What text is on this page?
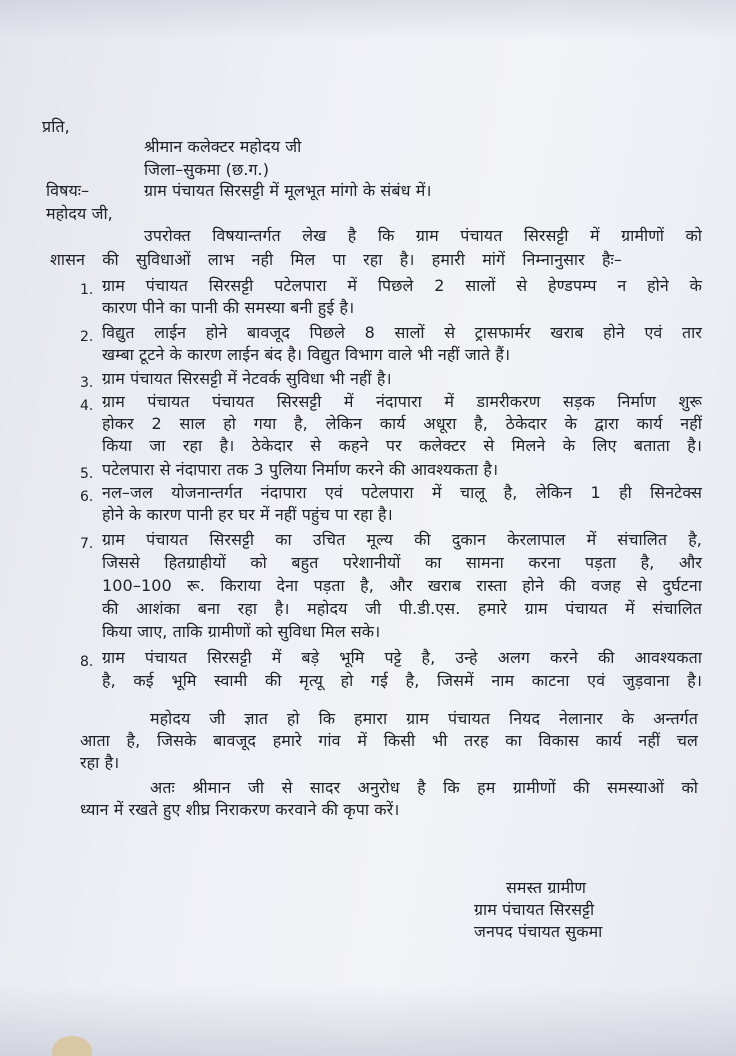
प्रति,
श्रीमान कलेक्टर महोदय जी
जिला–सुकमा (छ.ग.)
विषयः–	ग्राम पंचायत सिरसट्टी में मूलभूत मांगो के संबंध में।
महोदय जी,
उपरोक्त विषयान्तर्गत लेख है कि ग्राम पंचायत सिरसट्टी में ग्रामीणों को
शासन की सुविधाओं लाभ नही मिल पा रहा है। हमारी मांगें निम्नानुसार हैः–
1. ग्राम पंचायत सिरसट्टी पटेलपारा में पिछले 2 सालों से हेण्डपम्प न होने के
कारण पीने का पानी की समस्या बनी हुई है।
2. विद्युत लाईन होने बावजूद पिछले 8 सालों से ट्रासफार्मर खराब होने एवं तार
खम्बा टूटने के कारण लाईन बंद है। विद्युत विभाग वाले भी नहीं जाते हैं।
3. ग्राम पंचायत सिरसट्टी में नेटवर्क सुविधा भी नहीं है।
4. ग्राम पंचायत पंचायत सिरसट्टी में नंदापारा में डामरीकरण सड़क निर्माण शुरू
होकर 2 साल हो गया है, लेकिन कार्य अधूरा है, ठेकेदार के द्वारा कार्य नहीं
किया जा रहा है। ठेकेदार से कहने पर कलेक्टर से मिलने के लिए बताता है।
5. पटेलपारा से नंदापारा तक 3 पुलिया निर्माण करने की आवश्यकता है।
6. नल–जल योजनान्तर्गत नंदापारा एवं पटेलपारा में चालू है, लेकिन 1 ही सिनटेक्स
होने के कारण पानी हर घर में नहीं पहुंच पा रहा है।
7. ग्राम पंचायत सिरसट्टी का उचित मूल्य की दुकान केरलापाल में संचालित है,
जिससे हितग्राहीयों को बहुत परेशानीयों का सामना करना पड़ता है, और
100–100 रू. किराया देना पड़ता है, और खराब रास्ता होने की वजह से दुर्घटना
की आशंका बना रहा है। महोदय जी पी.डी.एस. हमारे ग्राम पंचायत में संचालित
किया जाए, ताकि ग्रामीणों को सुविधा मिल सके।
8. ग्राम पंचायत सिरसट्टी में बड़े भूमि पट्टे है, उन्हे अलग करने की आवश्यकता
है, कई भूमि स्वामी की मृत्यू हो गई है, जिसमें नाम काटना एवं जुड़वाना है।
महोदय जी ज्ञात हो कि हमारा ग्राम पंचायत नियद नेलानार के अन्तर्गत
आता है, जिसके बावजूद हमारे गांव में किसी भी तरह का विकास कार्य नहीं चल
रहा है।
अतः श्रीमान जी से सादर अनुरोध है कि हम ग्रामीणों की समस्याओं को
ध्यान में रखते हुए शीघ्र निराकरण करवाने की कृपा करें।
समस्त ग्रामीण
ग्राम पंचायत सिरसट्टी
जनपद पंचायत सुकमा
